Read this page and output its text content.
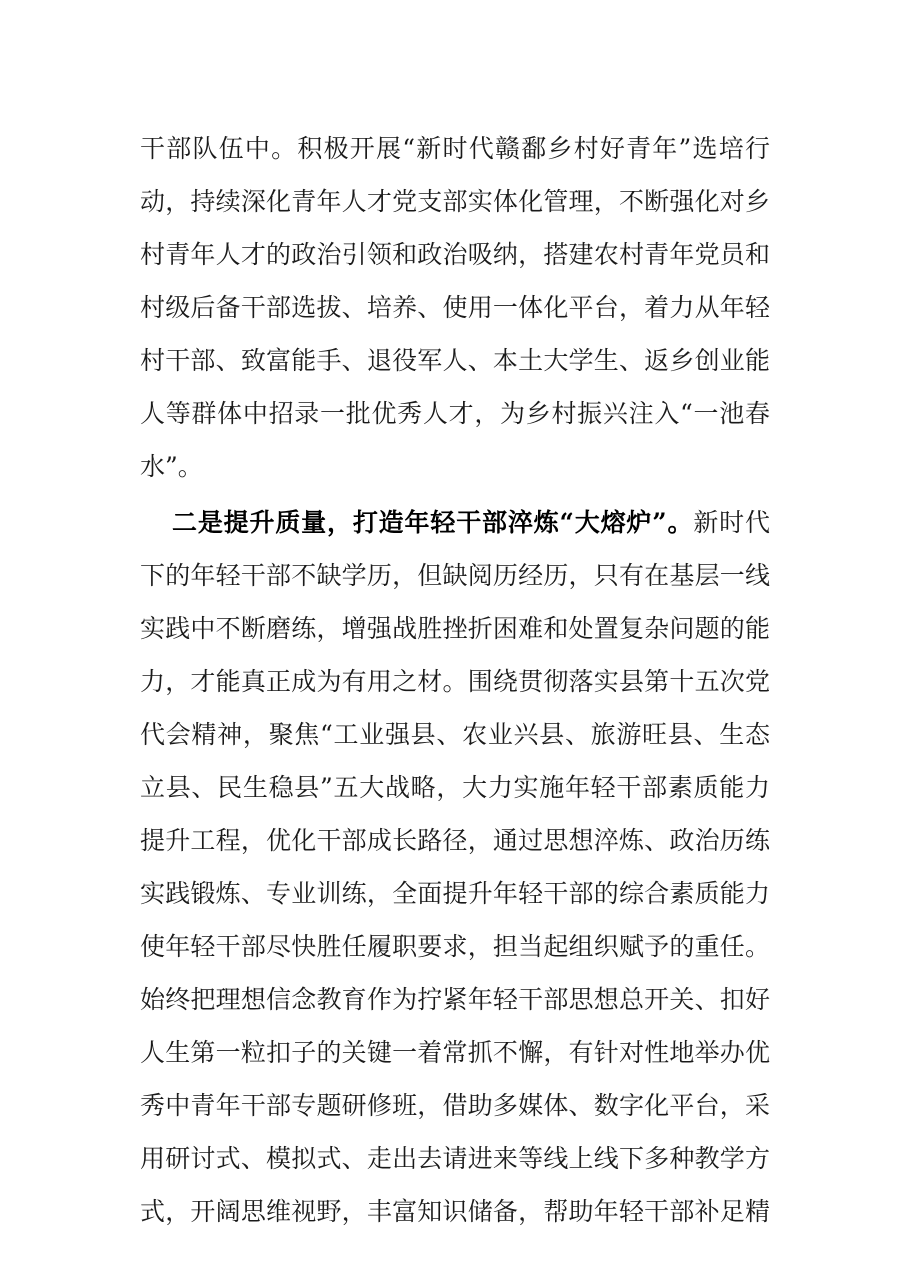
干部队伍中。积极开展“新时代赣鄱乡村好青年”选培行
动，持续深化青年人才党支部实体化管理，不断强化对乡
村青年人才的政治引领和政治吸纳，搭建农村青年党员和
村级后备干部选拔、培养、使用一体化平台，着力从年轻
村干部、致富能手、退役军人、本土大学生、返乡创业能
人等群体中招录一批优秀人才，为乡村振兴注入“一池春
水”。
二是提升质量，打造年轻干部淬炼“大熔炉”。新时代
下的年轻干部不缺学历，但缺阅历经历，只有在基层一线
实践中不断磨练，增强战胜挫折困难和处置复杂问题的能
力，才能真正成为有用之材。围绕贯彻落实县第十五次党
代会精神，聚焦“工业强县、农业兴县、旅游旺县、生态
立县、民生稳县”五大战略，大力实施年轻干部素质能力
提升工程，优化干部成长路径，通过思想淬炼、政治历练
实践锻炼、专业训练，全面提升年轻干部的综合素质能力
使年轻干部尽快胜任履职要求，担当起组织赋予的重任。
始终把理想信念教育作为拧紧年轻干部思想总开关、扣好
人生第一粒扣子的关键一着常抓不懈，有针对性地举办优
秀中青年干部专题研修班，借助多媒体、数字化平台，采
用研讨式、模拟式、走出去请进来等线上线下多种教学方
式，开阔思维视野，丰富知识储备，帮助年轻干部补足精
